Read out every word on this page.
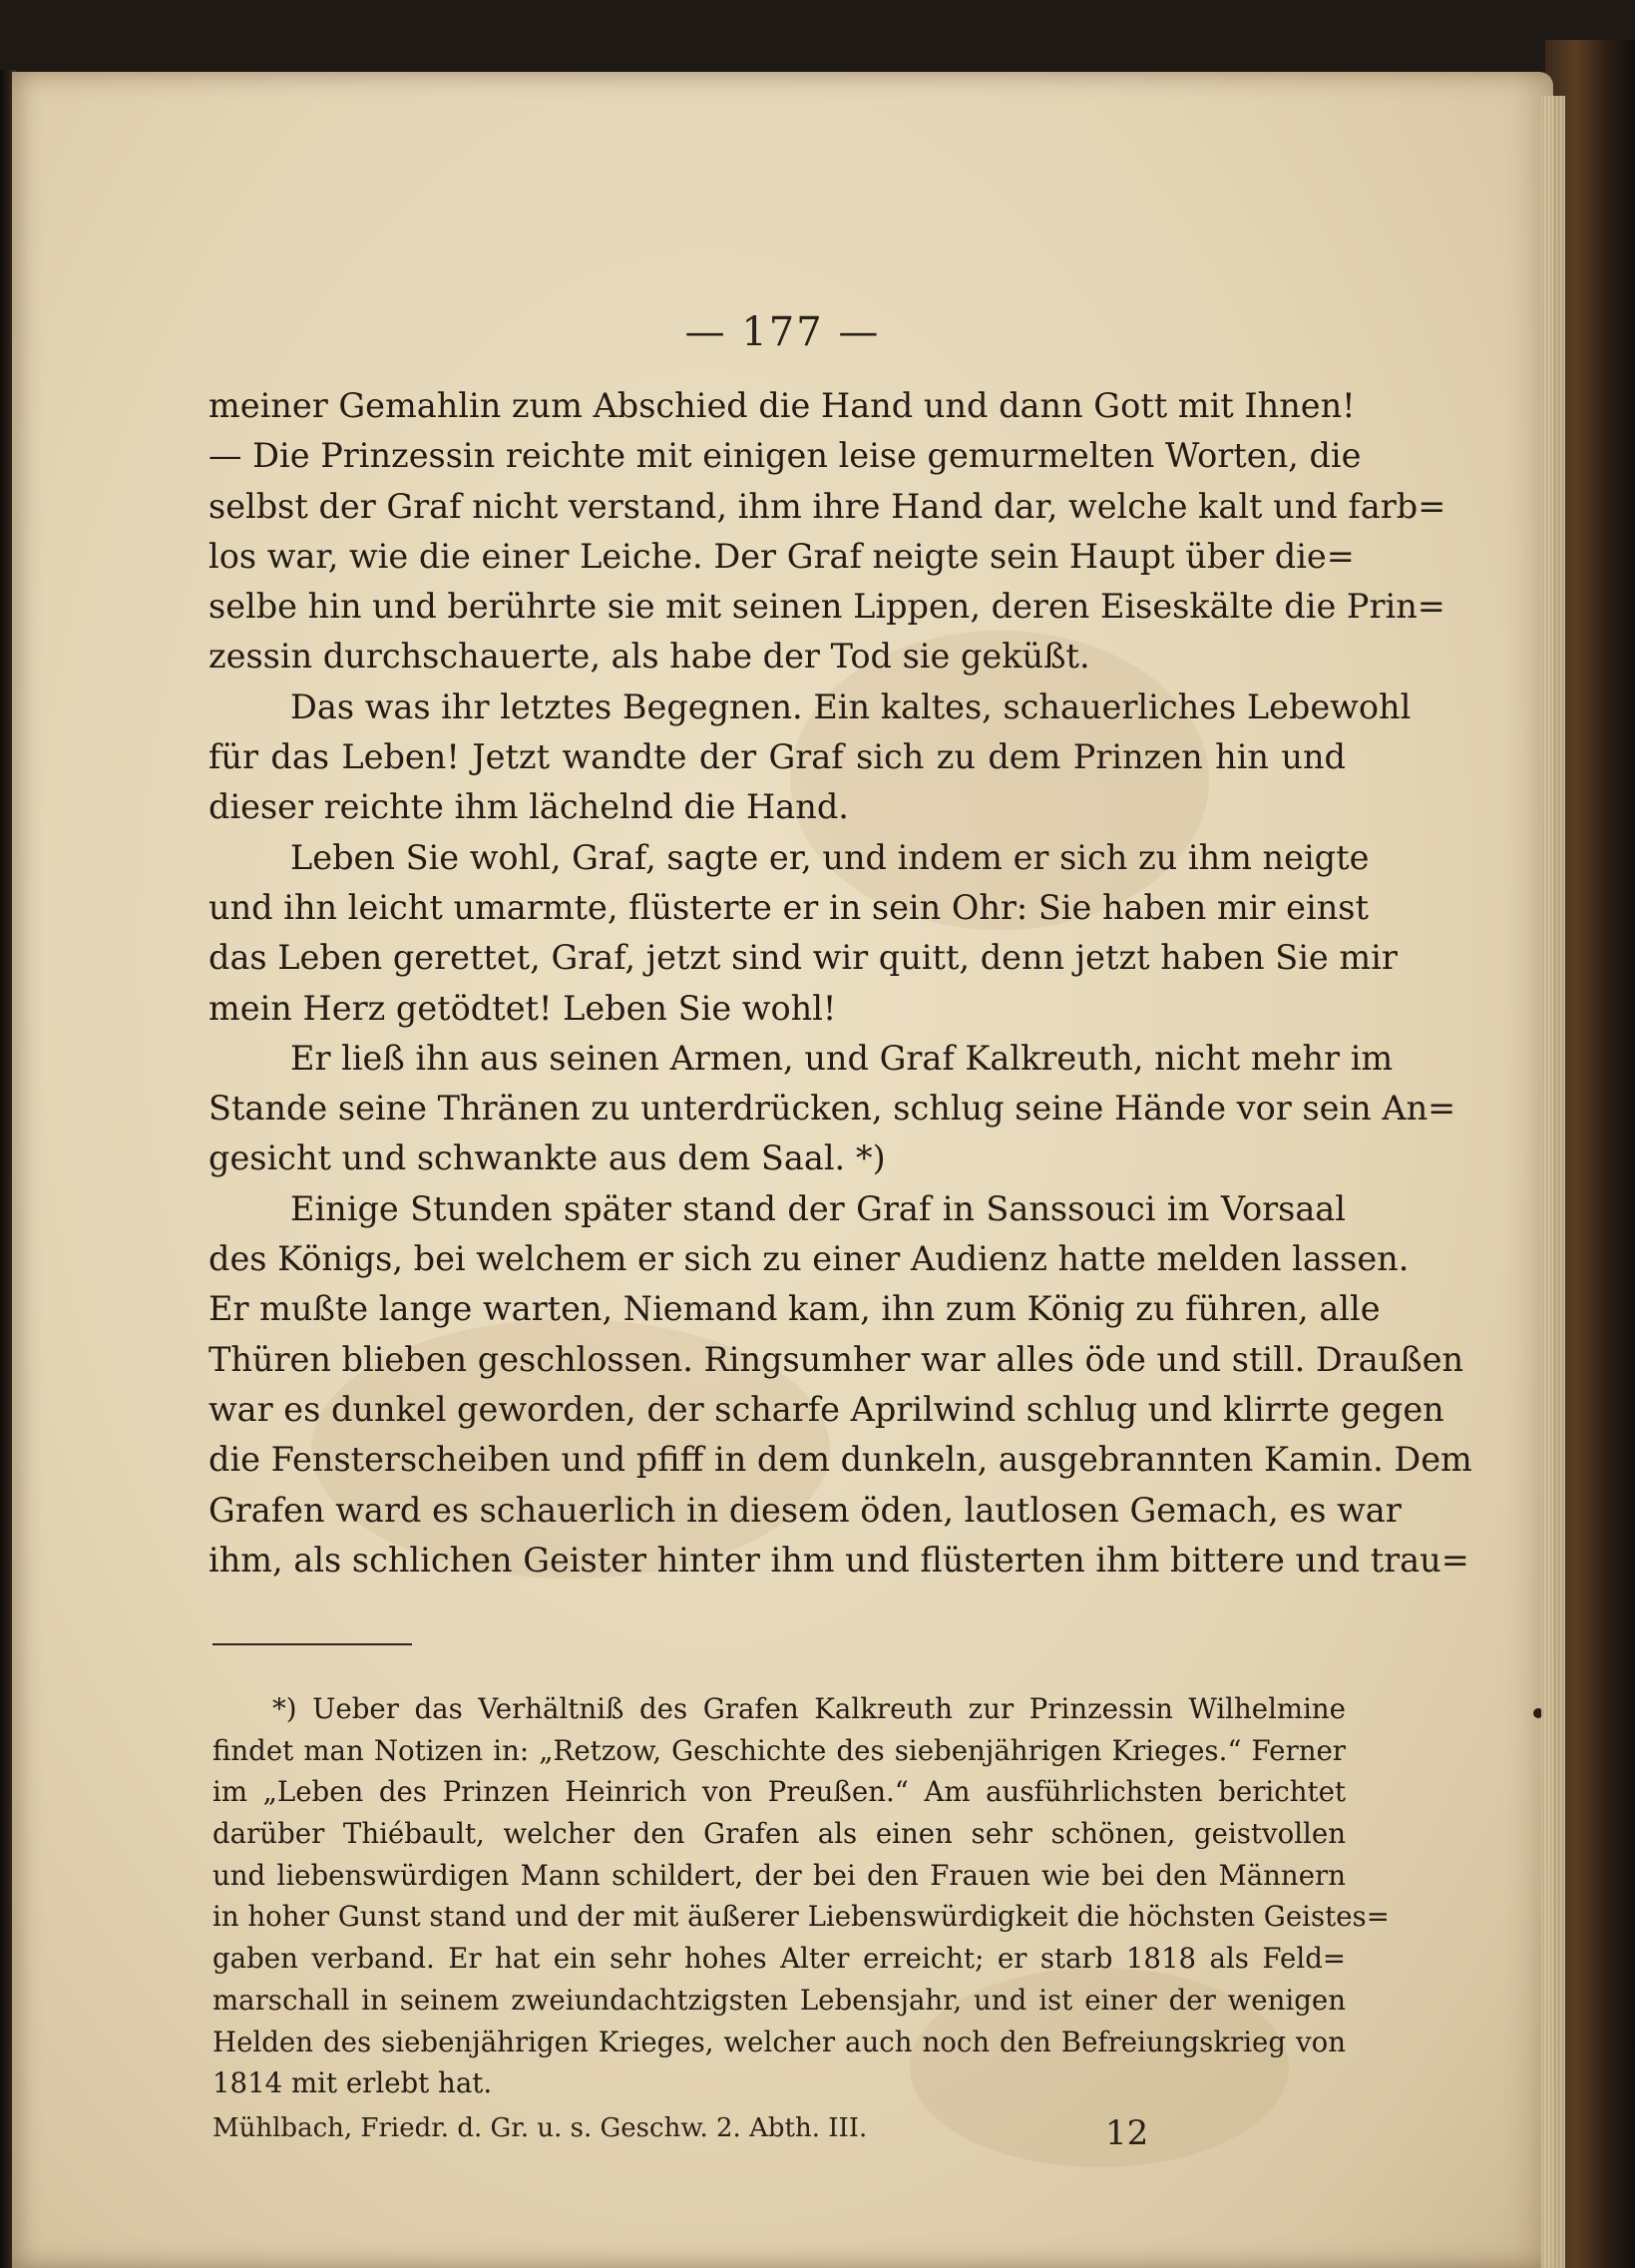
— 177 —
meiner Gemahlin zum Abschied die Hand und dann Gott mit Ihnen!
— Die Prinzessin reichte mit einigen leise gemurmelten Worten, die
selbst der Graf nicht verstand, ihm ihre Hand dar, welche kalt und farb=
los war, wie die einer Leiche. Der Graf neigte sein Haupt über die=
selbe hin und berührte sie mit seinen Lippen, deren Eiseskälte die Prin=
zessin durchschauerte, als habe der Tod sie geküßt.
Das was ihr letztes Begegnen. Ein kaltes, schauerliches Lebewohl
für das Leben! Jetzt wandte der Graf sich zu dem Prinzen hin und
dieser reichte ihm lächelnd die Hand.
Leben Sie wohl, Graf, sagte er, und indem er sich zu ihm neigte
und ihn leicht umarmte, flüsterte er in sein Ohr: Sie haben mir einst
das Leben gerettet, Graf, jetzt sind wir quitt, denn jetzt haben Sie mir
mein Herz getödtet! Leben Sie wohl!
Er ließ ihn aus seinen Armen, und Graf Kalkreuth, nicht mehr im
Stande seine Thränen zu unterdrücken, schlug seine Hände vor sein An=
gesicht und schwankte aus dem Saal. *)
Einige Stunden später stand der Graf in Sanssouci im Vorsaal
des Königs, bei welchem er sich zu einer Audienz hatte melden lassen.
Er mußte lange warten, Niemand kam, ihn zum König zu führen, alle
Thüren blieben geschlossen. Ringsumher war alles öde und still. Draußen
war es dunkel geworden, der scharfe Aprilwind schlug und klirrte gegen
die Fensterscheiben und pfiff in dem dunkeln, ausgebrannten Kamin. Dem
Grafen ward es schauerlich in diesem öden, lautlosen Gemach, es war
ihm, als schlichen Geister hinter ihm und flüsterten ihm bittere und trau=
*) Ueber das Verhältniß des Grafen Kalkreuth zur Prinzessin Wilhelmine
findet man Notizen in: „Retzow, Geschichte des siebenjährigen Krieges.“ Ferner
im „Leben des Prinzen Heinrich von Preußen.“ Am ausführlichsten berichtet
darüber Thiébault, welcher den Grafen als einen sehr schönen, geistvollen
und liebenswürdigen Mann schildert, der bei den Frauen wie bei den Männern
in hoher Gunst stand und der mit äußerer Liebenswürdigkeit die höchsten Geistes=
gaben verband. Er hat ein sehr hohes Alter erreicht; er starb 1818 als Feld=
marschall in seinem zweiundachtzigsten Lebensjahr, und ist einer der wenigen
Helden des siebenjährigen Krieges, welcher auch noch den Befreiungskrieg von
1814 mit erlebt hat.
Mühlbach, Friedr. d. Gr. u. s. Geschw. 2. Abth. III.	12
